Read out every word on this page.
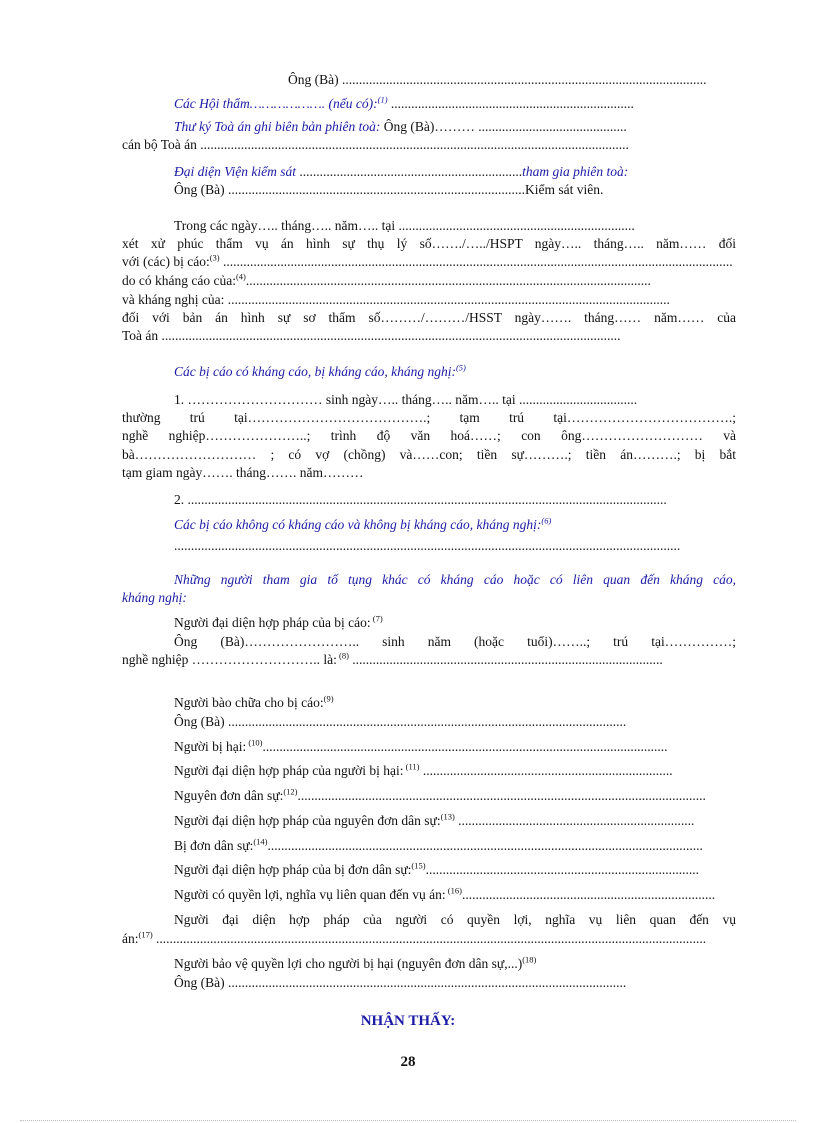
Ông (Bà) ............................................................................................................
Các Hội thẩm………………. (nếu có):$^{(1)}$ ........................................................................
Thư ký Toà án ghi biên bản phiên toà: Ông (Bà)……… ............................................
cán bộ Toà án ...............................................................................................................................
Đại diện Viện kiểm sát ..................................................................tham gia phiên toà:
Ông (Bà) ........................................................................................Kiểm sát viên.
Trong các ngày….. tháng….. năm….. tại ......................................................................
xét xử phúc thẩm vụ án hình sự thụ lý số……./…../HSPT ngày….. tháng….. năm…… đối
với (các) bị cáo:$^{(3)}$ .......................................................................................................................................................
do có kháng cáo của:$^{(4)}$........................................................................................................................
và kháng nghị của: ...................................................................................................................................
đối với bản án hình sự sơ thẩm số………/………/HSST ngày……. tháng…… năm…… của
Toà án ........................................................................................................................................
Các bị cáo có kháng cáo, bị kháng cáo, kháng nghị:$^{(5)}$
1. ………………………… sinh ngày….. tháng….. năm….. tại ...................................
thường trú tại………………………………….; tạm trú tại……………………………….;
nghề nghiệp…………………..; trình độ văn hoá……; con ông……………………… và
bà……………………… ; có vợ (chồng) và……con; tiền sự……….; tiền án……….; bị bắt
tạm giam ngày……. tháng……. năm………
2. ..............................................................................................................................................
Các bị cáo không có kháng cáo và không bị kháng cáo, kháng nghị:$^{(6)}$
......................................................................................................................................................
Những người tham gia tố tụng khác có kháng cáo hoặc có liên quan đến kháng cáo,
kháng nghị:
Người đại diện hợp pháp của bị cáo: $^{(7)}$
Ông (Bà)…………………….. sinh năm (hoặc tuổi)……..; trú tại……………;
nghề nghiệp ……………………….. là: $^{(8)}$ ............................................................................................
Người bào chữa cho bị cáo:$^{(9)}$
Ông (Bà) ......................................................................................................................
Người bị hại: $^{(10)}$........................................................................................................................
Người đại diện hợp pháp của người bị hại: $^{(11)}$ ..........................................................................
Nguyên đơn dân sự:$^{(12)}$.........................................................................................................................
Người đại diện hợp pháp của nguyên đơn dân sự:$^{(13)}$ ......................................................................
Bị đơn dân sự:$^{(14)}$.................................................................................................................................
Người đại diện hợp pháp của bị đơn dân sự:$^{(15)}$.................................................................................
Người có quyền lợi, nghĩa vụ liên quan đến vụ án: $^{(16)}$...........................................................................
Người đại diện hợp pháp của người có quyền lợi, nghĩa vụ liên quan đến vụ
án:$^{(17)}$ ...................................................................................................................................................................
Người bảo vệ quyền lợi cho người bị hại (nguyên đơn dân sự,...)$^{(18)}$
Ông (Bà) ......................................................................................................................
NHẬN THẤY:
28
